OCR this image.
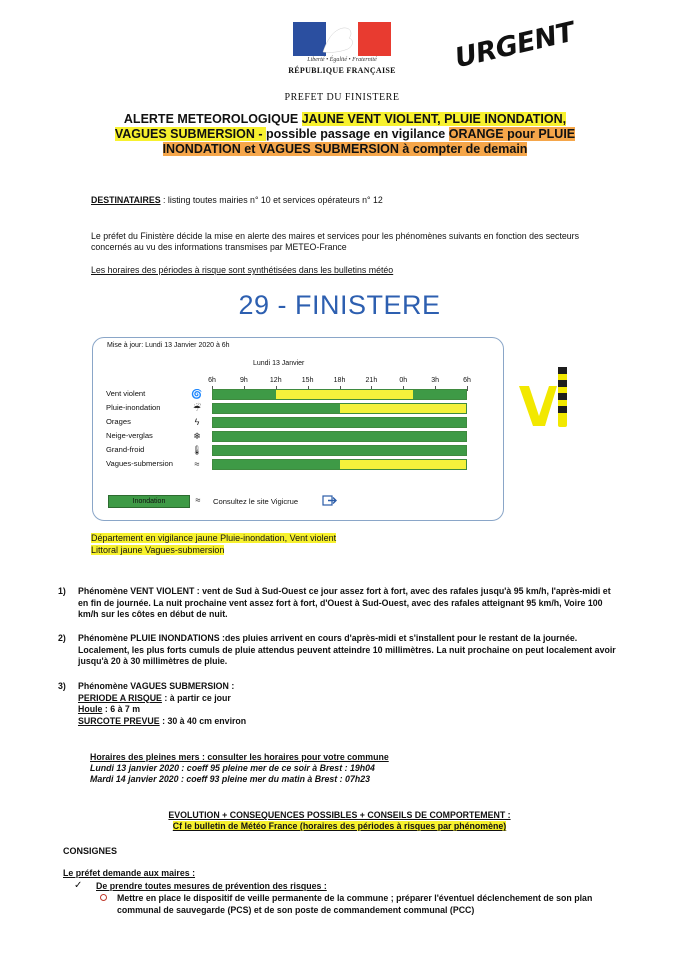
Liberté • Égalité • Fraternité
RÉPUBLIQUE FRANÇAISE
PREFET DU FINISTERE
URGENT
ALERTE METEOROLOGIQUE JAUNE VENT VIOLENT, PLUIE INONDATION,
VAGUES SUBMERSION - possible passage en vigilance ORANGE pour PLUIE
INONDATION et VAGUES SUBMERSION à compter de demain
DESTINATAIRES : listing toutes mairies n° 10 et services opérateurs n° 12
Le préfet du Finistère décide la mise en alerte des maires et services pour les phénomènes suivants en fonction des secteurs concernés au vu des informations transmises par METEO-France
Les horaires des périodes à risque sont synthétisées dans les bulletins météo
29 - FINISTERE
Mise à jour: Lundi 13 Janvier 2020 à 6h
Lundi 13 Janvier
6h	9h	12h	15h	18h	21h	0h	3h	6h
Vent violent	🌀
Pluie-inondation	☔
Orages	ϟ
Neige-verglas	❄
Grand-froid	🌡
Vagues-submersion	≈
Inondation	≈	Consultez le site Vigicrue
Département en vigilance jaune Pluie-inondation, Vent violent
Littoral jaune Vagues-submersion
1) Phénomène VENT VIOLENT : vent de Sud à Sud-Ouest ce jour assez fort à fort, avec des rafales jusqu'à 95 km/h, l'après-midi et en fin de journée. La nuit prochaine vent assez fort à fort, d'Ouest à Sud-Ouest, avec des rafales atteignant 95 km/h, Voire 100 km/h sur les côtes en début de nuit.
2) Phénomène PLUIE INONDATIONS :des pluies arrivent en cours d'après-midi et s'installent pour le restant de la journée. Localement, les plus forts cumuls de pluie attendus peuvent atteindre 10 millimètres. La nuit prochaine on peut localement avoir jusqu'à 20 à 30 millimètres de pluie.
3) Phénomène VAGUES SUBMERSION :
PERIODE A RISQUE : à partir ce jour
Houle : 6 à 7 m
SURCOTE PREVUE : 30 à 40 cm environ
Horaires des pleines mers : consulter les horaires pour votre commune
Lundi 13 janvier 2020 : coeff 95 pleine mer de ce soir à Brest : 19h04
Mardi 14 janvier 2020 : coeff 93 pleine mer du matin à Brest : 07h23
EVOLUTION + CONSEQUENCES POSSIBLES + CONSEILS DE COMPORTEMENT :
Cf le bulletin de Météo France (horaires des périodes à risques par phénomène)
CONSIGNES
Le préfet demande aux maires :
✓ De prendre toutes mesures de prévention des risques :
Mettre en place le dispositif de veille permanente de la commune ; préparer l'éventuel déclenchement de son plan communal de sauvegarde (PCS) et de son poste de commandement communal (PCC)
